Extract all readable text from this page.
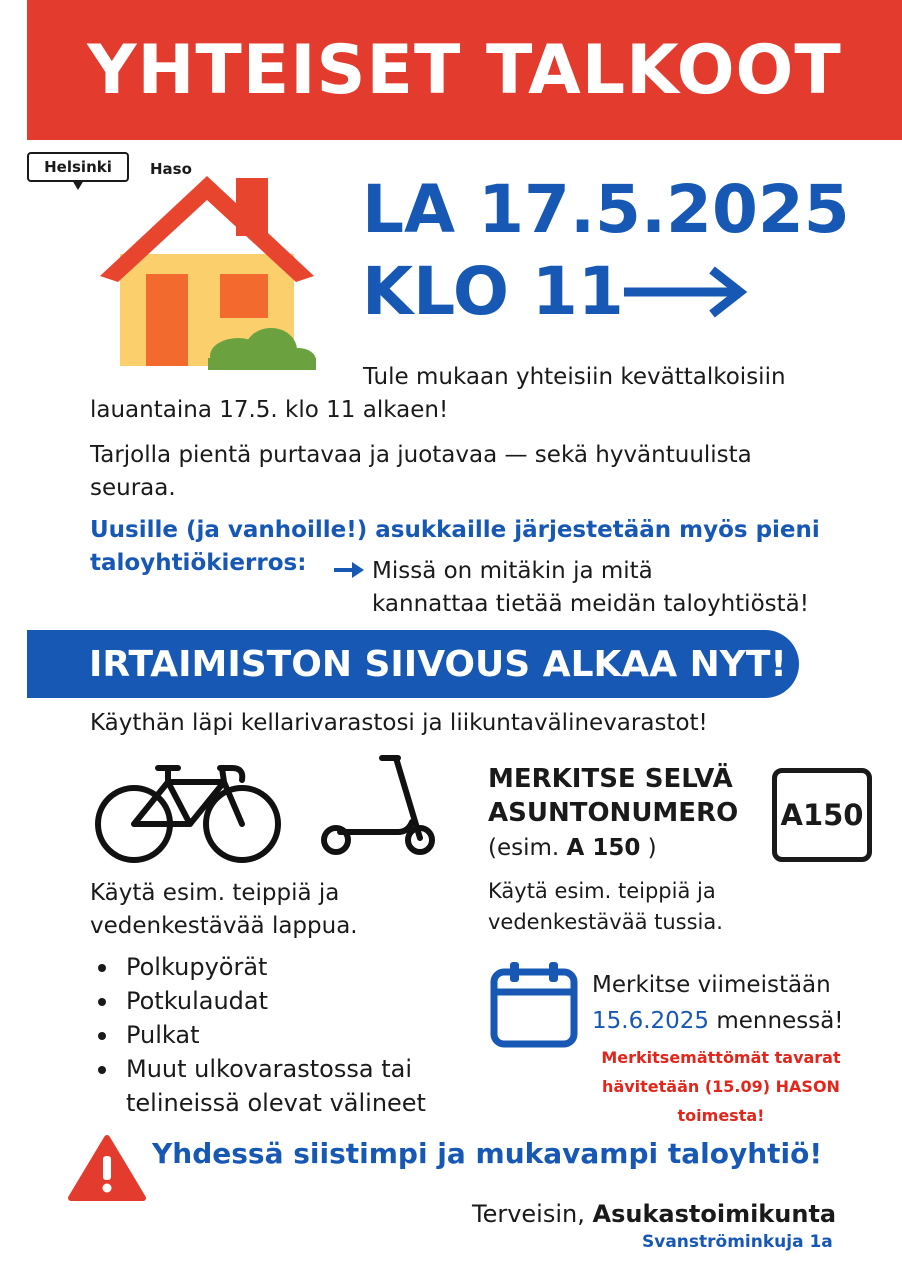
YHTEISET TALKOOT
Helsinki	Haso
LA 17.5.2025
KLO 11
Tule mukaan yhteisiin kevättalkoisiin
lauantaina 17.5. klo 11 alkaen!
Tarjolla pientä purtavaa ja juotavaa — sekä hyväntuulista
seuraa.
Uusille (ja vanhoille!) asukkaille järjestetään myös pieni
taloyhtiökierros:	Missä on mitäkin ja mitä
kannattaa tietää meidän taloyhtiöstä!
IRTAIMISTON SIIVOUS ALKAA NYT!
Käythän läpi kellarivarastosi ja liikuntavälinevarastot!
MERKITSE SELVÄ
ASUNTONUMERO
(esim. A 150 )
A150
Käytä esim. teippiä ja
vedenkestävää lappua.
Käytä esim. teippiä ja
vedenkestävää tussia.
Polkupyörät
Potkulaudat
Pulkat
Muut ulkovarastossa tai
telineissä olevat välineet
Merkitse viimeistään
15.6.2025 mennessä!
Merkitsemättömät tavarat
hävitetään (15.09) HASON
toimesta!
Yhdessä siistimpi ja mukavampi taloyhtiö!
Terveisin, Asukastoimikunta
Svanströminkuja 1a
